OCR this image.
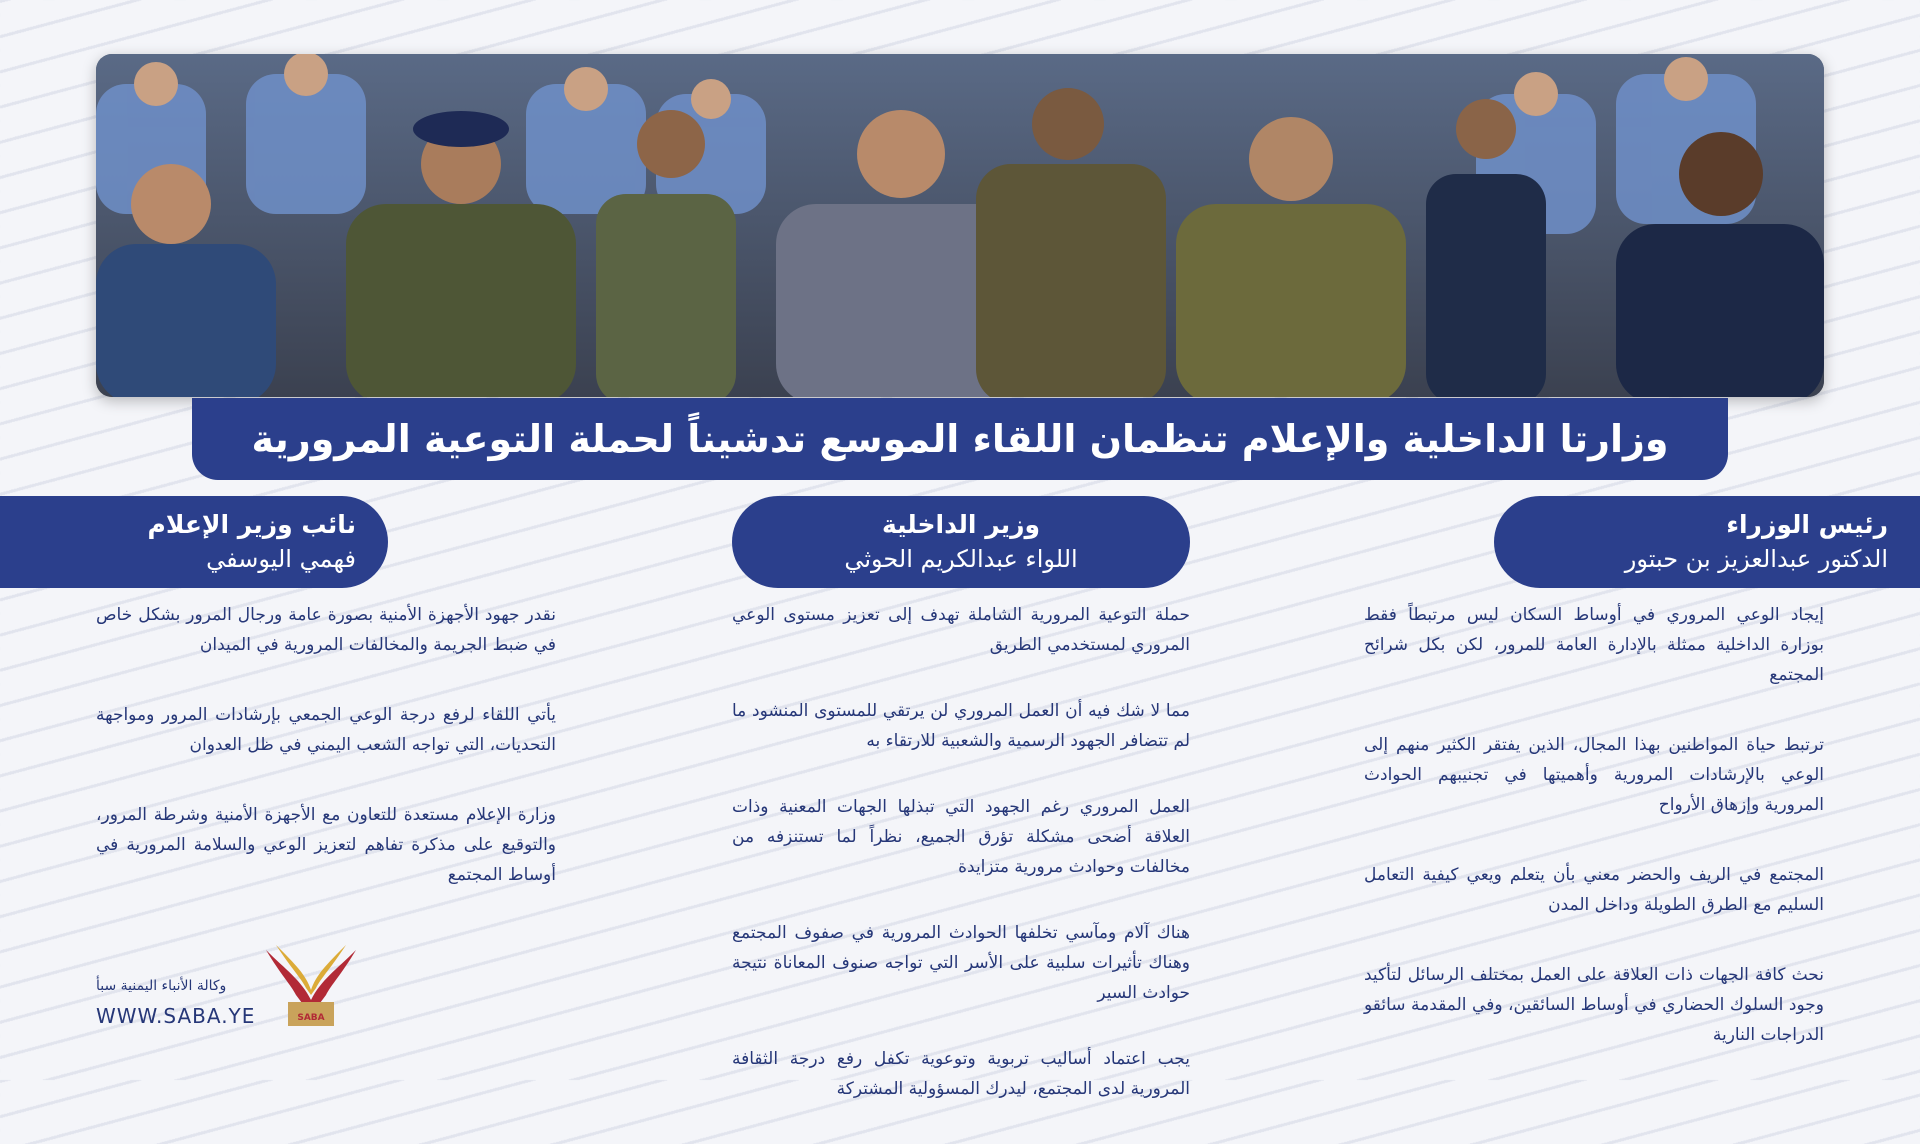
وزارتا الداخلية والإعلام تنظمان اللقاء الموسع تدشيناً لحملة التوعية المرورية
رئيس الوزراء
الدكتور عبدالعزيز بن حبتور
وزير الداخلية
اللواء عبدالكريم الحوثي
نائب وزير الإعلام
فهمي اليوسفي

إيجاد الوعي المروري في أوساط السكان ليس مرتبطاً فقط بوزارة الداخلية ممثلة بالإدارة العامة للمرور، لكن بكل شرائح المجتمع

ترتبط حياة المواطنين بهذا المجال، الذين يفتقر الكثير منهم إلى الوعي بالإرشادات المرورية وأهميتها في تجنيبهم الحوادث المرورية وإزهاق الأرواح

المجتمع في الريف والحضر معني بأن يتعلم ويعي كيفية التعامل السليم مع الطرق الطويلة وداخل المدن

نحث كافة الجهات ذات العلاقة على العمل بمختلف الرسائل لتأكيد وجود السلوك الحضاري في أوساط السائقين، وفي المقدمة سائقو الدراجات النارية

حملة التوعية المرورية الشاملة تهدف إلى تعزيز مستوى الوعي المروري لمستخدمي الطريق

مما لا شك فيه أن العمل المروري لن يرتقي للمستوى المنشود ما لم تتضافر الجهود الرسمية والشعبية للارتقاء به

العمل المروري رغم الجهود التي تبذلها الجهات المعنية وذات العلاقة أضحى مشكلة تؤرق الجميع، نظراً لما تستنزفه من مخالفات وحوادث مرورية متزايدة

هناك آلام ومآسي تخلفها الحوادث المرورية في صفوف المجتمع وهناك تأثيرات سلبية على الأسر التي تواجه صنوف المعاناة نتيجة حوادث السير

يجب اعتماد أساليب تربوية وتوعوية تكفل رفع درجة الثقافة المرورية لدى المجتمع، ليدرك المسؤولية المشتركة

نقدر جهود الأجهزة الأمنية بصورة عامة ورجال المرور بشكل خاص في ضبط الجريمة والمخالفات المرورية في الميدان

يأتي اللقاء لرفع درجة الوعي الجمعي بإرشادات المرور ومواجهة التحديات، التي تواجه الشعب اليمني في ظل العدوان

وزارة الإعلام مستعدة للتعاون مع الأجهزة الأمنية وشرطة المرور، والتوقيع على مذكرة تفاهم لتعزيز الوعي والسلامة المرورية في أوساط المجتمع

وكالة الأنباء اليمنية سبأ
WWW.SABA.YE	SABA
